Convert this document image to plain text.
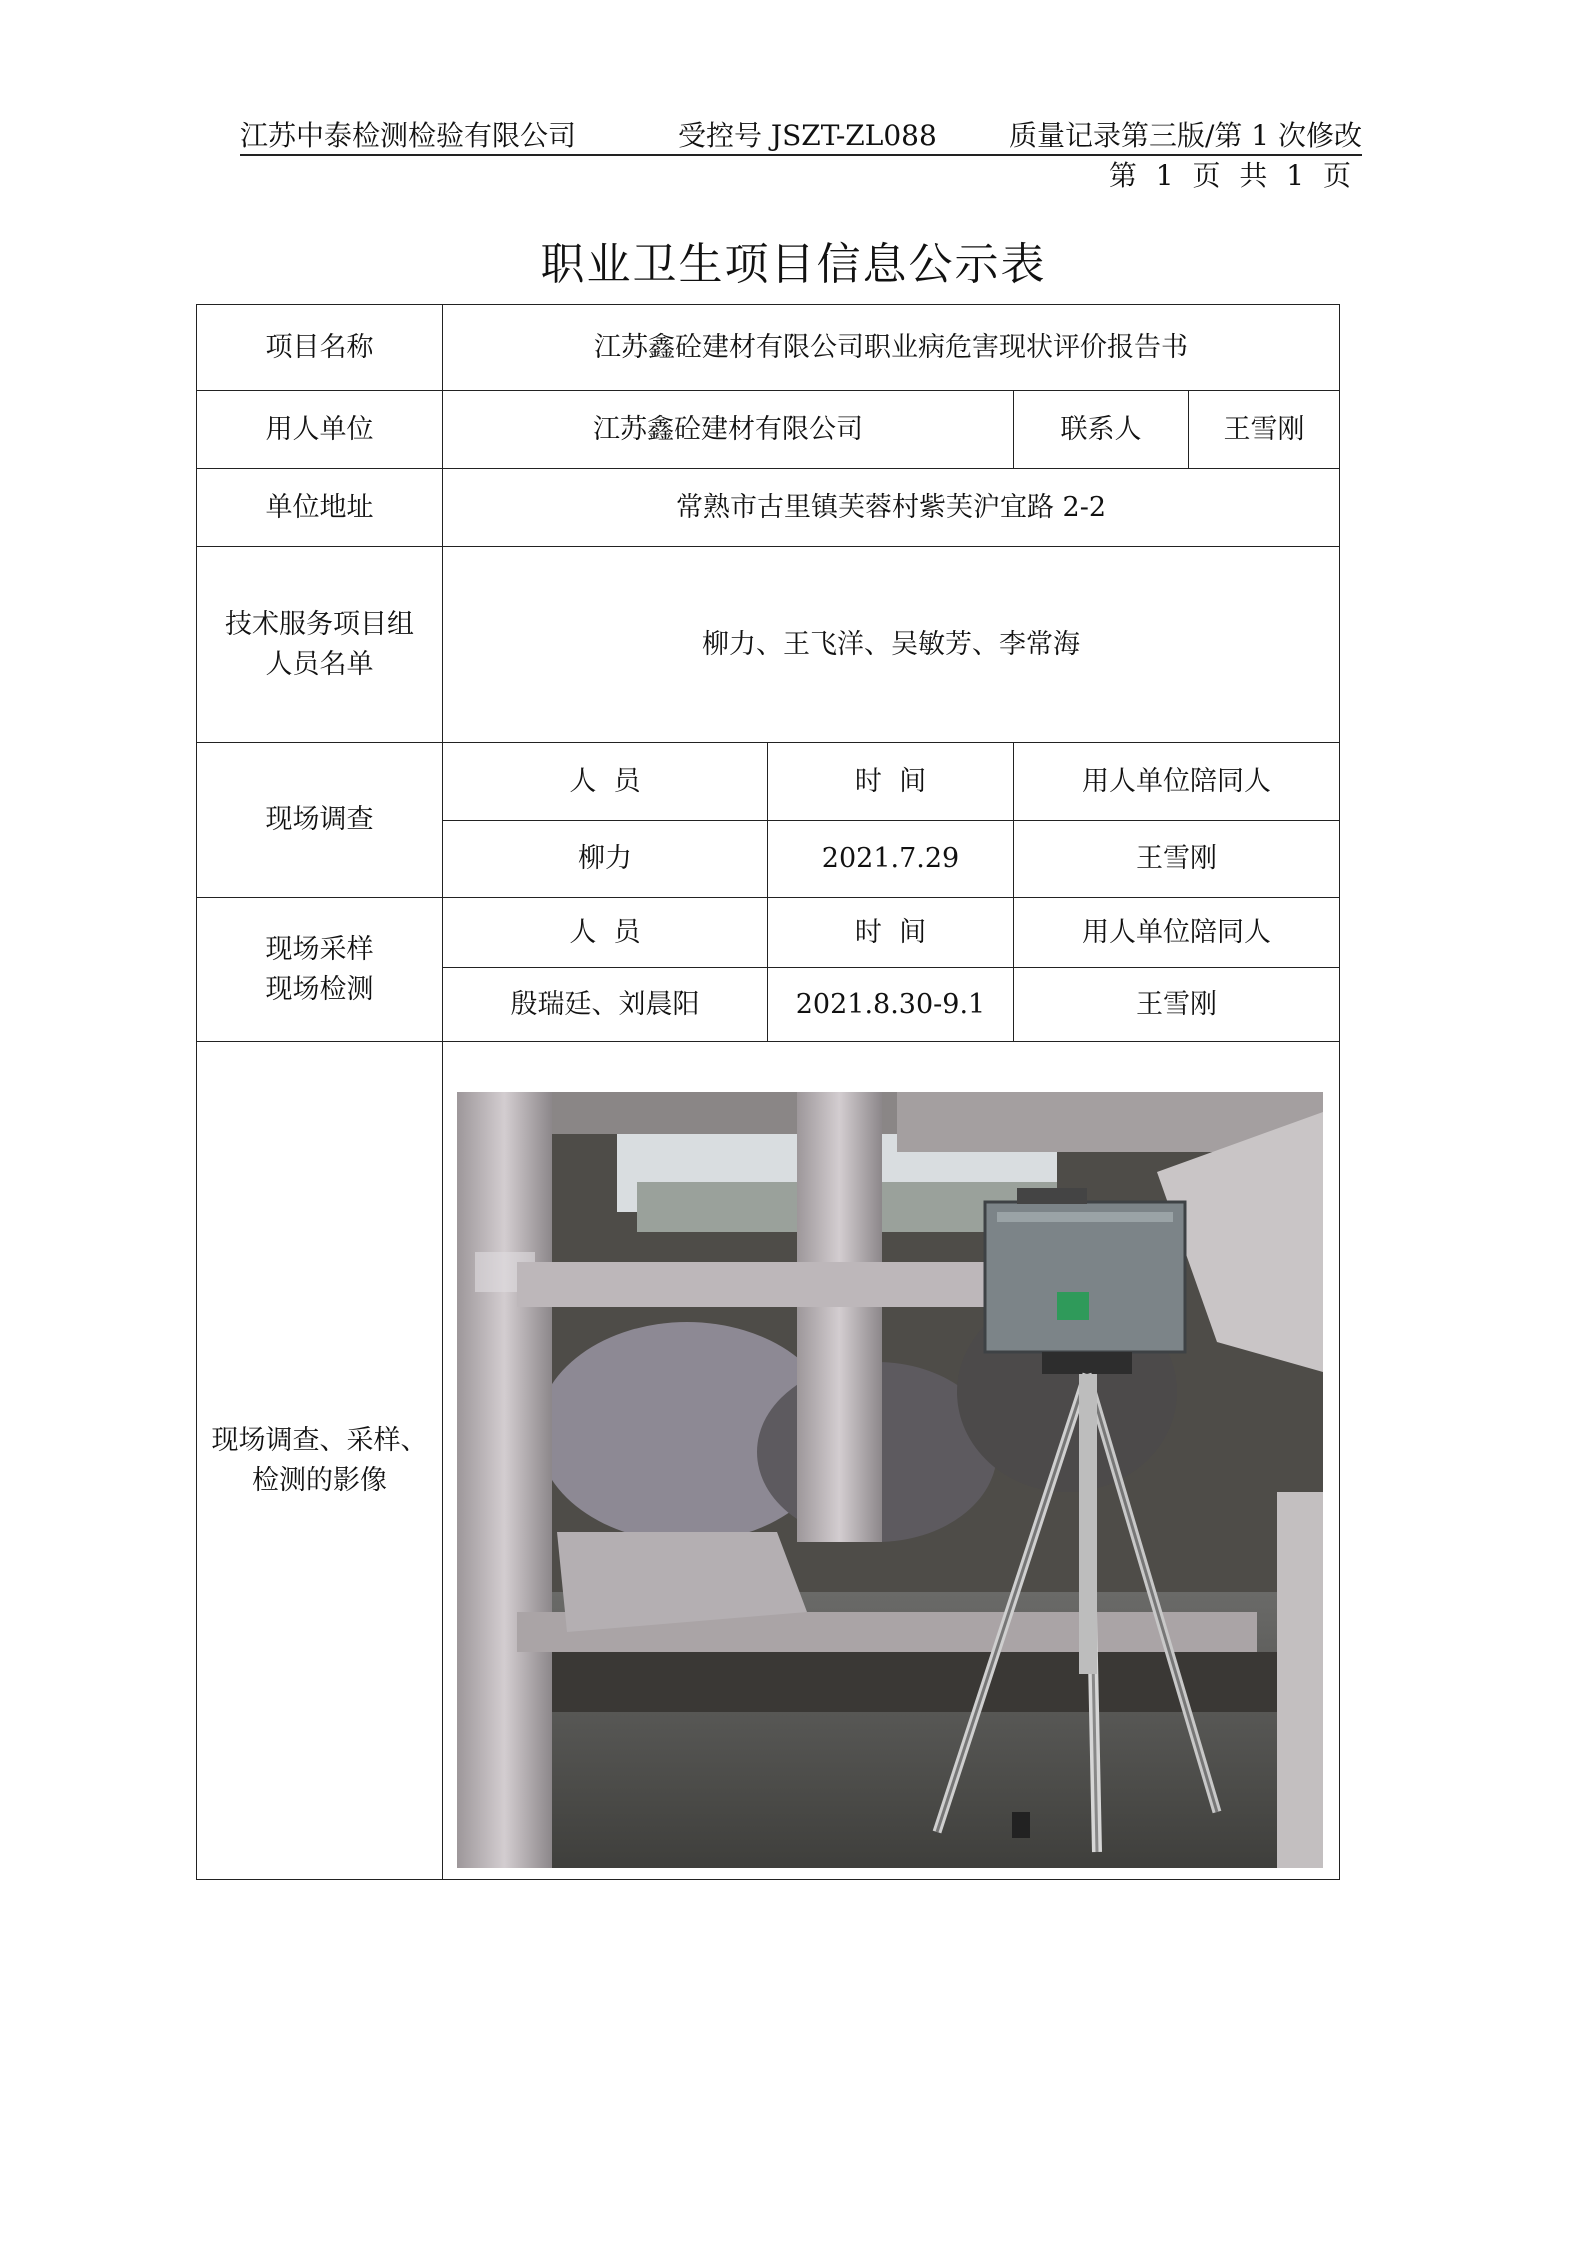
江苏中泰检测检验有限公司	受控号 JSZT-ZL088	质量记录第三版/第 1 次修改
第 1 页 共 1 页
职业卫生项目信息公示表
项目名称	江苏鑫砼建材有限公司职业病危害现状评价报告书			
用人单位	江苏鑫砼建材有限公司		联系人	王雪刚
单位地址	常熟市古里镇芙蓉村紫芙沪宜路 2-2			

技术服务项目组
人员名单	柳力、王飞洋、吴敏芳、李常海			
现场调查	人  员	时  间	用人单位陪同人	
	柳力	2021.7.29	王雪刚	

现场采样
现场检测	人  员	时  间	用人单位陪同人	
	殷瑞廷、刘晨阳	2021.8.30-9.1	王雪刚	

现场调查、采样、
检测的影像
